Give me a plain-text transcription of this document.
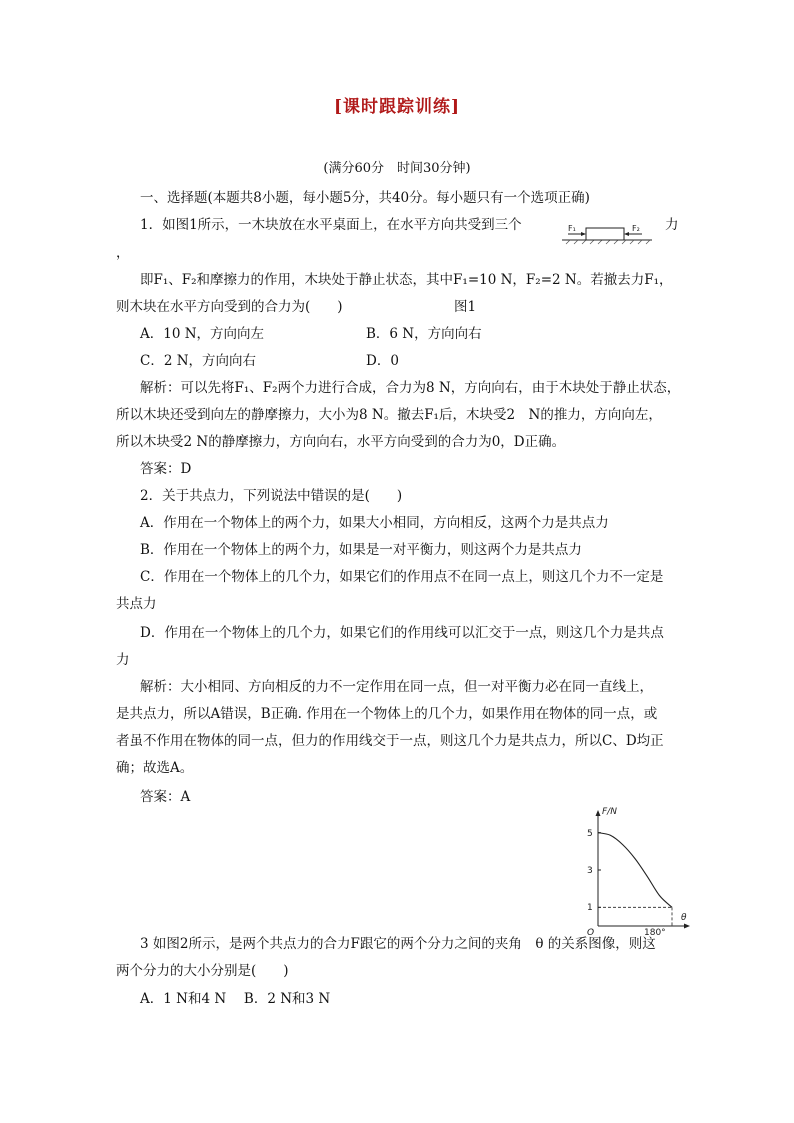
[课时跟踪训练]
(满分60分　时间30分钟)
一、选择题(本题共8小题，每小题5分，共40分。每小题只有一个选项正确)
1．如图1所示，一木块放在水平桌面上，在水平方向共受到三个	力
，
F₁	F₂
即F₁、F₂和摩擦力的作用，木块处于静止状态，其中F₁=10 N，F₂=2 N。若撤去力F₁，
则木块在水平方向受到的合力为(　　)	图1
A．10 N，方向向左	B．6 N，方向向右
C．2 N，方向向右	D．0
解析：可以先将F₁、F₂两个力进行合成，合力为8 N，方向向右，由于木块处于静止状态，
所以木块还受到向左的静摩擦力，大小为8 N。撤去F₁后，木块受2　N的推力，方向向左，
所以木块受2 N的静摩擦力，方向向右，水平方向受到的合力为0，D正确。
答案：D
2．关于共点力，下列说法中错误的是(　　)
A．作用在一个物体上的两个力，如果大小相同，方向相反，这两个力是共点力
B．作用在一个物体上的两个力，如果是一对平衡力，则这两个力是共点力
C．作用在一个物体上的几个力，如果它们的作用点不在同一点上，则这几个力不一定是
共点力
D．作用在一个物体上的几个力，如果它们的作用线可以汇交于一点，则这几个力是共点
力
解析：大小相同、方向相反的力不一定作用在同一点，但一对平衡力必在同一直线上，
是共点力，所以A错误，B正确. 作用在一个物体上的几个力，如果作用在物体的同一点，或
者虽不作用在物体的同一点，但力的作用线交于一点，则这几个力是共点力，所以C、D均正
确；故选A。
答案：A
F/N
θ
O	180°
5
3
1
3 如图2所示，是两个共点力的合力F跟它的两个分力之间的夹角　θ 的关系图像，则这
两个分力的大小分别是(　　)
A．1 N和4 N　 B．2 N和3 N
